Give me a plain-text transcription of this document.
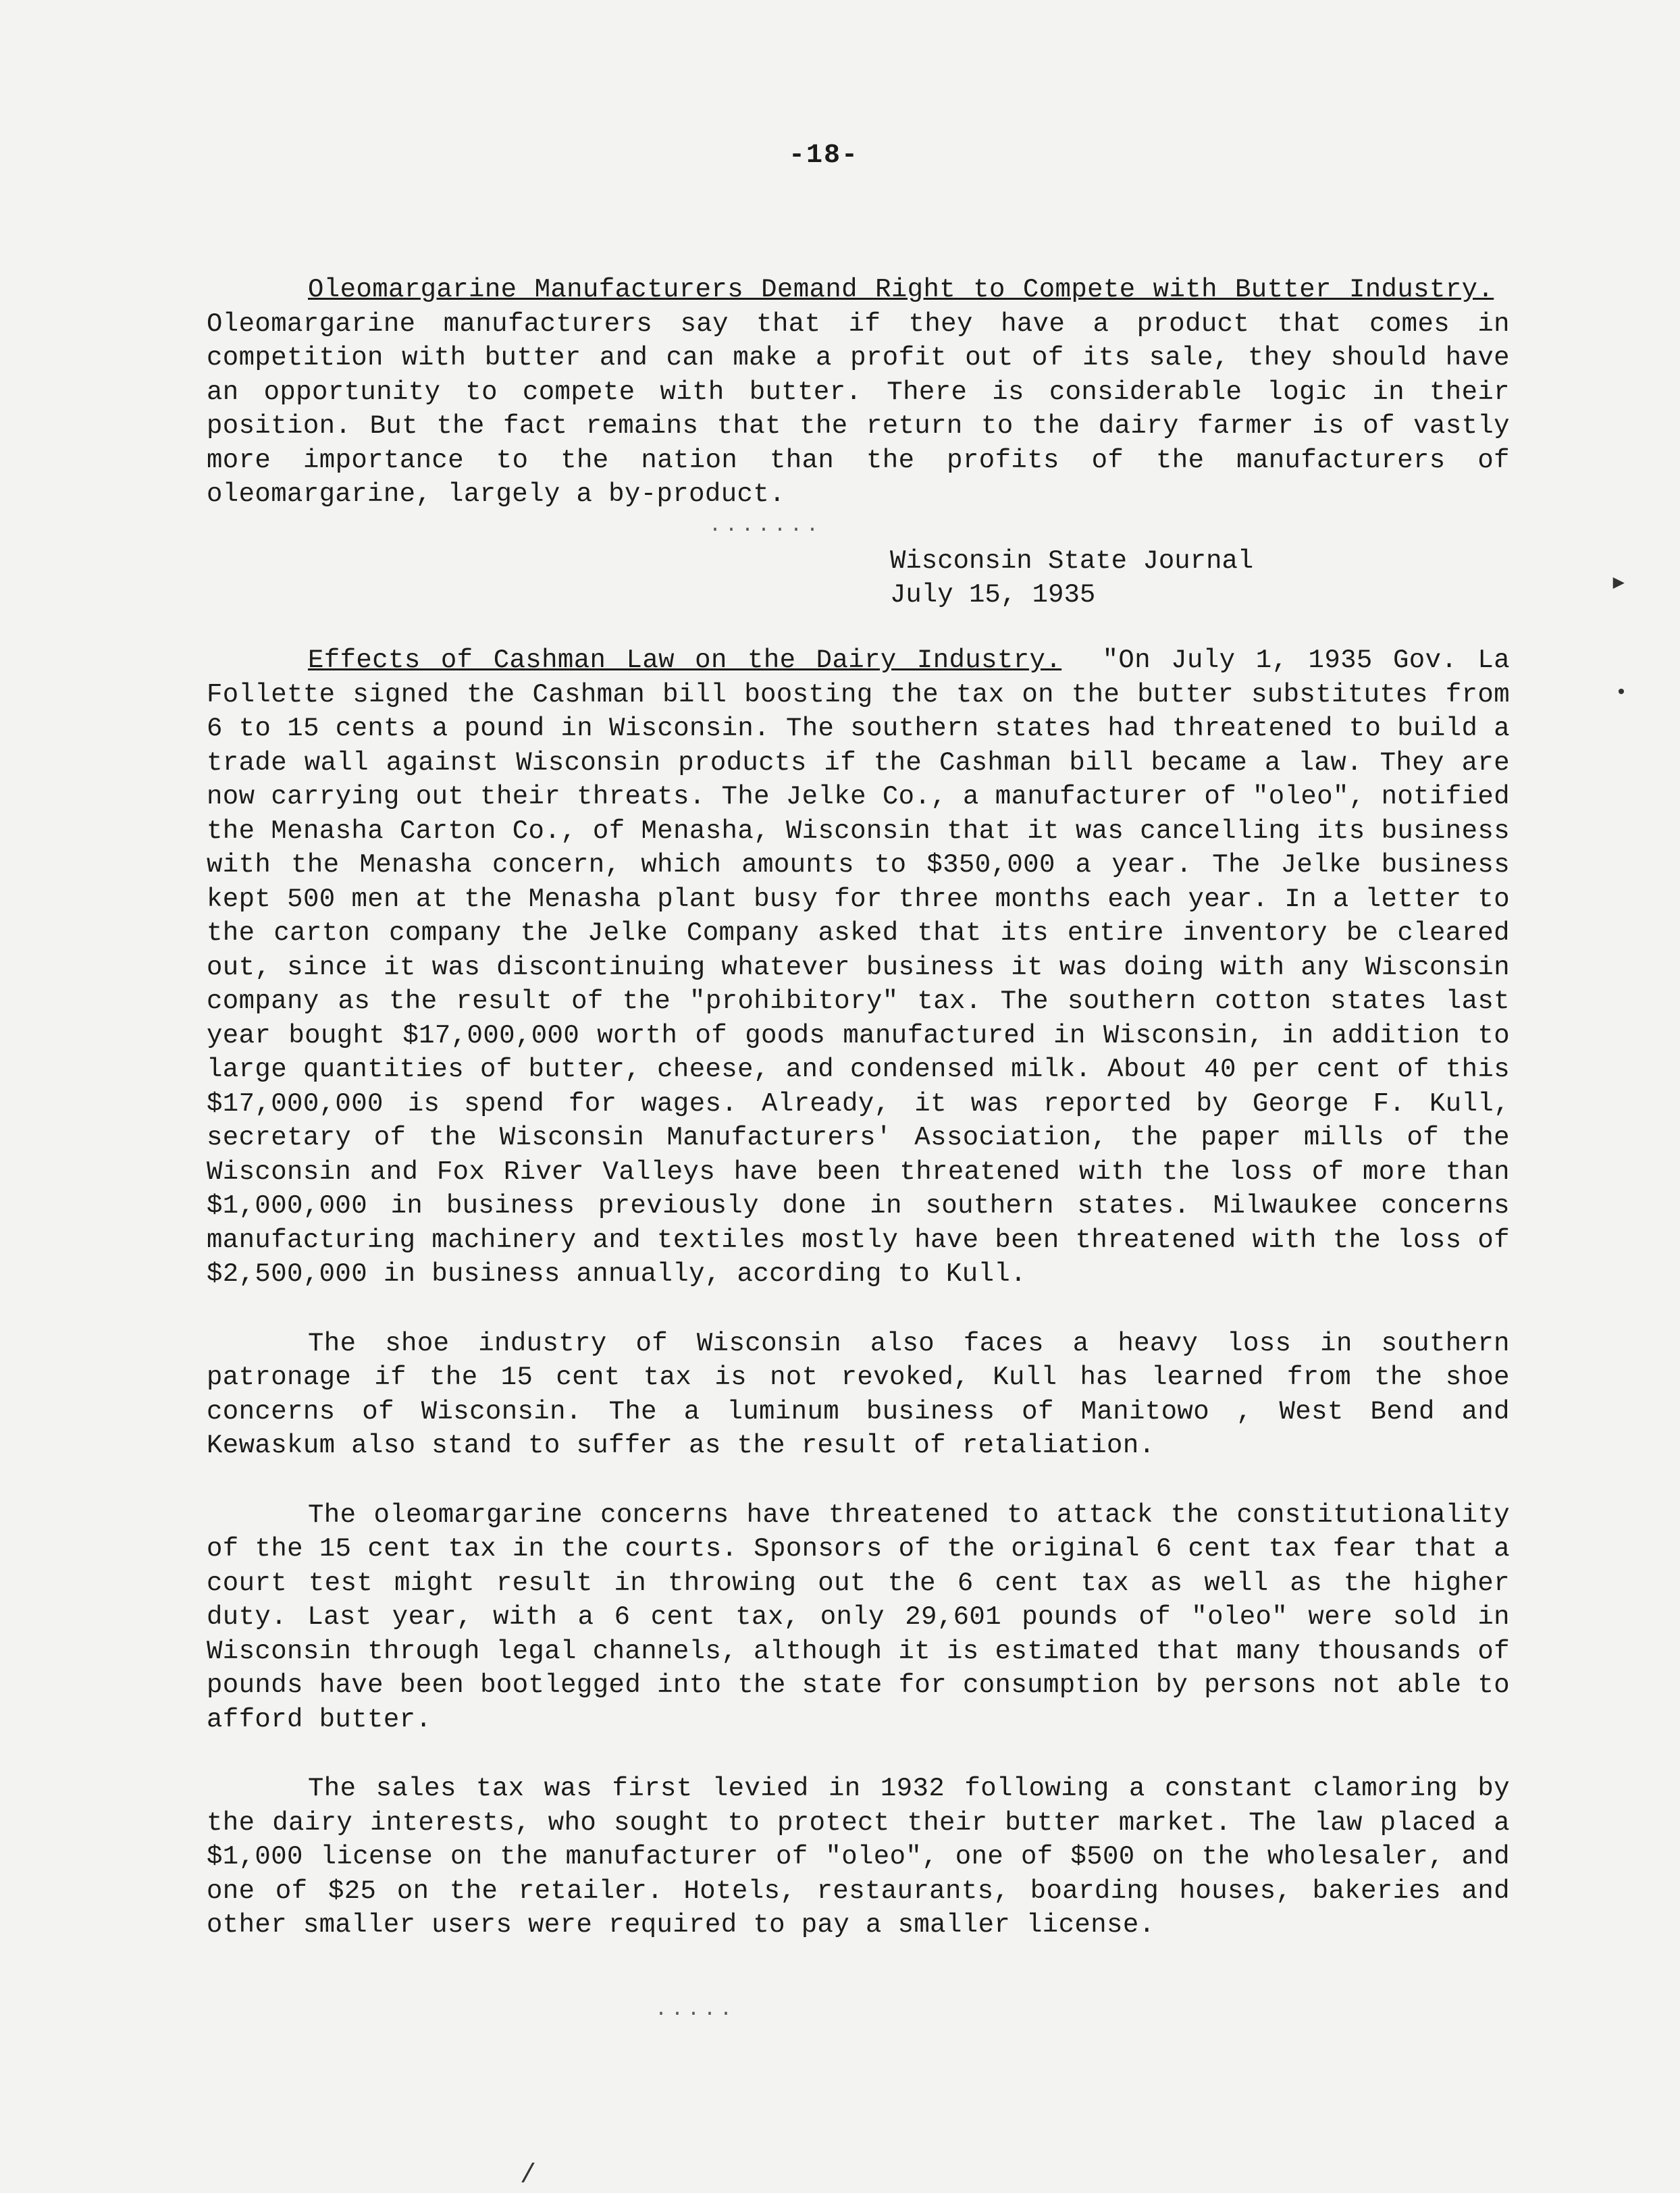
-18-

Oleomargarine Manufacturers Demand Right to Compete with Butter Industry.  Oleomargarine manufacturers say that if they have a product that comes in competition with butter and can make a profit out of its sale, they should have an opportunity to compete with butter. There is considerable logic in their position. But the fact remains that the return to the dairy farmer is of vastly more importance to the nation than the profits of the manufacturers of oleomargarine, largely a by-product.

.......
Wisconsin State Journal
July 15, 1935

Effects of Cashman Law on the Dairy Industry. "On July 1, 1935 Gov. La Follette signed the Cashman bill boosting the tax on the butter substitutes from 6 to 15 cents a pound in Wisconsin. The southern states had threatened to build a trade wall against Wisconsin products if the Cashman bill became a law. They are now carrying out their threats. The Jelke Co., a manufacturer of "oleo", notified the Menasha Carton Co., of Menasha, Wisconsin that it was cancelling its business with the Menasha concern, which amounts to $350,000 a year. The Jelke business kept 500 men at the Menasha plant busy for three months each year. In a letter to the carton company the Jelke Company asked that its entire inventory be cleared out, since it was discontinuing whatever business it was doing with any Wisconsin company as the result of the "prohibitory" tax. The southern cotton states last year bought $17,000,000 worth of goods manufactured in Wisconsin, in addition to large quantities of butter, cheese, and condensed milk. About 40 per cent of this $17,000,000 is spend for wages. Already, it was reported by George F. Kull, secretary of the Wisconsin Manufacturers' Association, the paper mills of the Wisconsin and Fox River Valleys have been threatened with the loss of more than $1,000,000 in business previously done in southern states. Milwaukee concerns manufacturing machinery and textiles mostly have been threatened with the loss of $2,500,000 in business annually, according to Kull.

The shoe industry of Wisconsin also faces a heavy loss in southern patronage if the 15 cent tax is not revoked, Kull has learned from the shoe concerns of Wisconsin. The a luminum business of Manitowo , West Bend and Kewaskum also stand to suffer as the result of retaliation.

The oleomargarine concerns have threatened to attack the constitutionality of the 15 cent tax in the courts. Sponsors of the original 6 cent tax fear that a court test might result in throwing out the 6 cent tax as well as the higher duty. Last year, with a 6 cent tax, only 29,601 pounds of "oleo" were sold in Wisconsin through legal channels, although it is estimated that many thousands of pounds have been bootlegged into the state for consumption by persons not able to afford butter.

The sales tax was first levied in 1932 following a constant clamoring by the dairy interests, who sought to protect their butter market. The law placed a $1,000 license on the manufacturer of "oleo", one of $500 on the wholesaler, and one of $25 on the retailer. Hotels, restaurants, boarding houses, bakeries and other smaller users were required to pay a smaller license.

.....
▸
•
/
